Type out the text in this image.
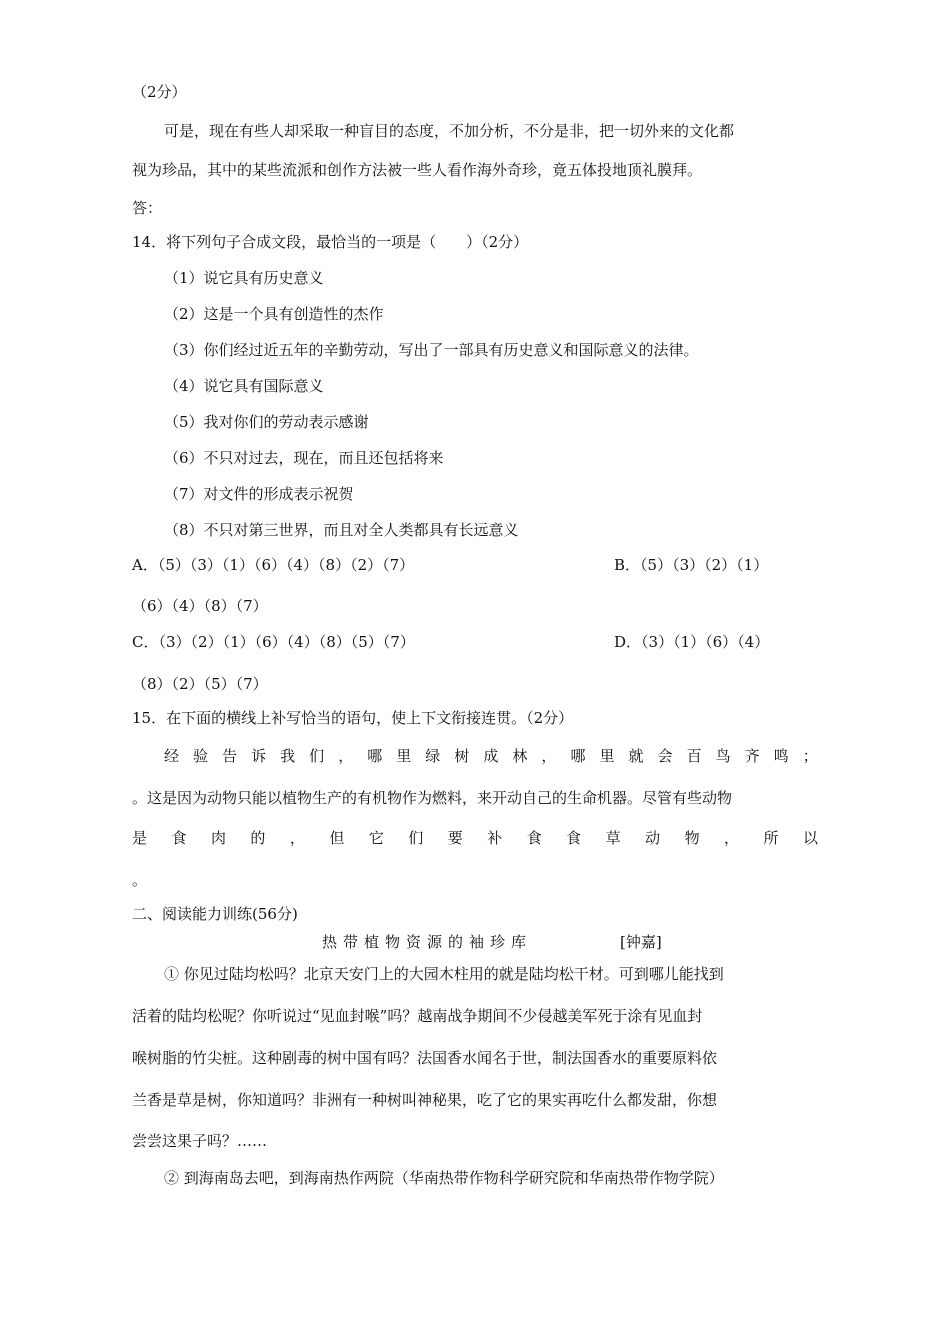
（2分）

可是，现在有些人却采取一种盲目的态度，不加分析，不分是非，把一切外来的文化都

视为珍品，其中的某些流派和创作方法被一些人看作海外奇珍，竟五体投地顶礼膜拜。

答：

14．将下列句子合成文段，最恰当的一项是（　　）（2分）

（1）说它具有历史意义

（2）这是一个具有创造性的杰作

（3）你们经过近五年的辛勤劳动，写出了一部具有历史意义和国际意义的法律。

（4）说它具有国际意义

（5）我对你们的劳动表示感谢

（6）不只对过去，现在，而且还包括将来

（7）对文件的形成表示祝贺

（8）不只对第三世界，而且对全人类都具有长远意义

A．（5）（3）（1）（6）（4）（8）（2）（7）	B．（5）（3）（2）（1）

（6）（4）（8）（7）

C．（3）（2）（1）（6）（4）（8）（5）（7）	D．（3）（1）（6）（4）

（8）（2）（5）（7）

15．在下面的横线上补写恰当的语句，使上下文衔接连贯。（2分）

经 验 告 诉 我 们 ， 哪 里 绿 树 成 林 ， 哪 里 就 会 百 鸟 齐 鸣 ；

。这是因为动物只能以植物生产的有机物作为燃料，来开动自己的生命机器。尽管有些动物

是 食 肉 的 ， 但 它 们 要 补 食 食 草 动 物 ， 所 以

。

二、阅读能力训练(56分)

热带植物资源的袖珍库	[钟嘉]

① 你见过陆均松吗？北京天安门上的大园木柱用的就是陆均松干材。可到哪儿能找到

活着的陆均松呢？你听说过“见血封喉”吗？越南战争期间不少侵越美军死于涂有见血封

喉树脂的竹尖桩。这种剧毒的树中国有吗？法国香水闻名于世，制法国香水的重要原料依

兰香是草是树，你知道吗？非洲有一种树叫神秘果，吃了它的果实再吃什么都发甜，你想

尝尝这果子吗？……

② 到海南岛去吧，到海南热作两院（华南热带作物科学研究院和华南热带作物学院）
